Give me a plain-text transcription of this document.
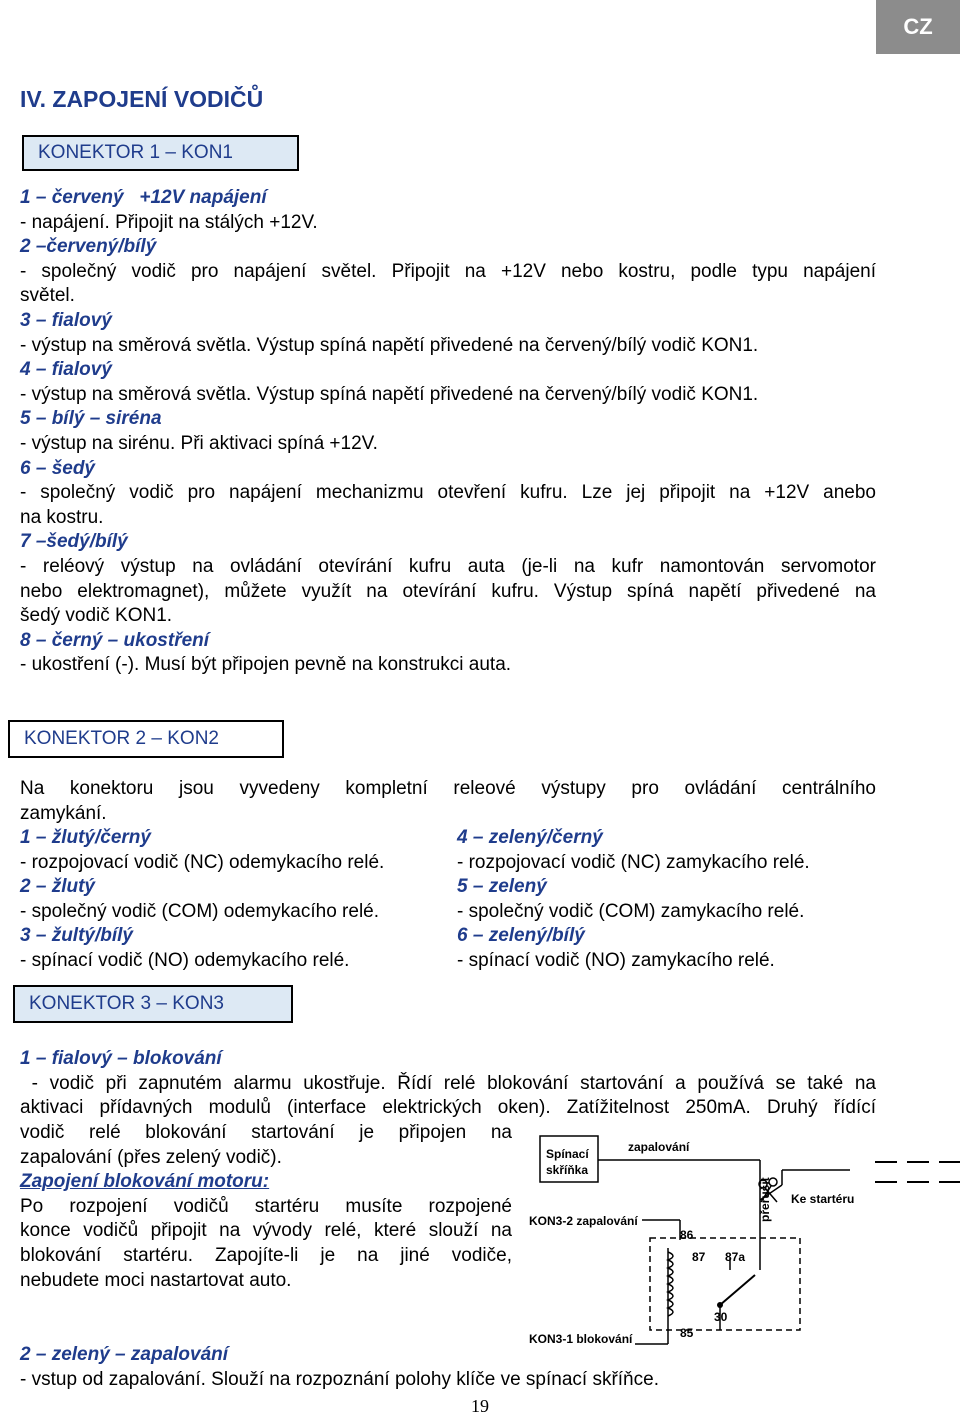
CZ
IV. ZAPOJENÍ VODIČŮ
KONEKTOR 1 – KON1
1 – červený   +12V napájení
- napájení. Připojit na stálých +12V.
2 –červený/bílý
- společný vodič pro napájení světel. Připojit na +12V nebo kostru, podle typu napájení
světel.
3 – fialový
- výstup na směrová světla. Výstup spíná napětí přivedené na červený/bílý vodič KON1.
4 – fialový
- výstup na směrová světla. Výstup spíná napětí přivedené na červený/bílý vodič KON1.
5 – bílý – siréna
- výstup na sirénu. Při aktivaci spíná +12V.
6 – šedý
- společný vodič pro napájení mechanizmu otevření kufru. Lze jej připojit na +12V anebo
na kostru.
7 –šedý/bílý
- reléový výstup na ovládání otevírání kufru auta (je-li na kufr namontován servomotor
nebo elektromagnet), můžete využít na otevírání kufru. Výstup spíná napětí přivedené na
šedý vodič KON1.
8 – černý – ukostření
- ukostření (-). Musí být připojen pevně na konstrukci auta.
KONEKTOR 2 – KON2
Na konektoru jsou vyvedeny kompletní releové výstupy pro ovládání centrálního
zamykání.
1 – žlutý/černý
- rozpojovací vodič (NC) odemykacího relé.
2 – žlutý
- společný vodič (COM) odemykacího relé.
3 – žultý/bílý
- spínací vodič (NO) odemykacího relé.
4 – zelený/černý
- rozpojovací vodič (NC) zamykacího relé.
5 – zelený
- společný vodič (COM) zamykacího relé.
6 – zelený/bílý
- spínací vodič (NO) zamykacího relé.
KONEKTOR 3 – KON3
1 – fialový – blokování
- vodič při zapnutém alarmu ukostřuje. Řídí relé blokování startování a používá se také na
aktivaci přídavných modulů (interface elektrických oken). Zatížitelnost 250mA. Druhý řídící
vodič relé blokování startování je připojen na
zapalování (přes zelený vodič).
Zapojení blokování motoru:
Po rozpojení vodičů startéru musíte rozpojené
konce vodičů připojit na vývody relé, které slouží na
blokování startéru. Zapojíte-li je na jiné vodiče,
nebudete moci nastartovat auto.
Spínací
skříňka
zapalování
Ke startéru
přerušit
KON3-2 zapalování
KON3-1 blokování
86
87 87a
30
85
2 – zelený – zapalování
- vstup od zapalování. Slouží na rozpoznání polohy klíče ve spínací skříňce.
19
